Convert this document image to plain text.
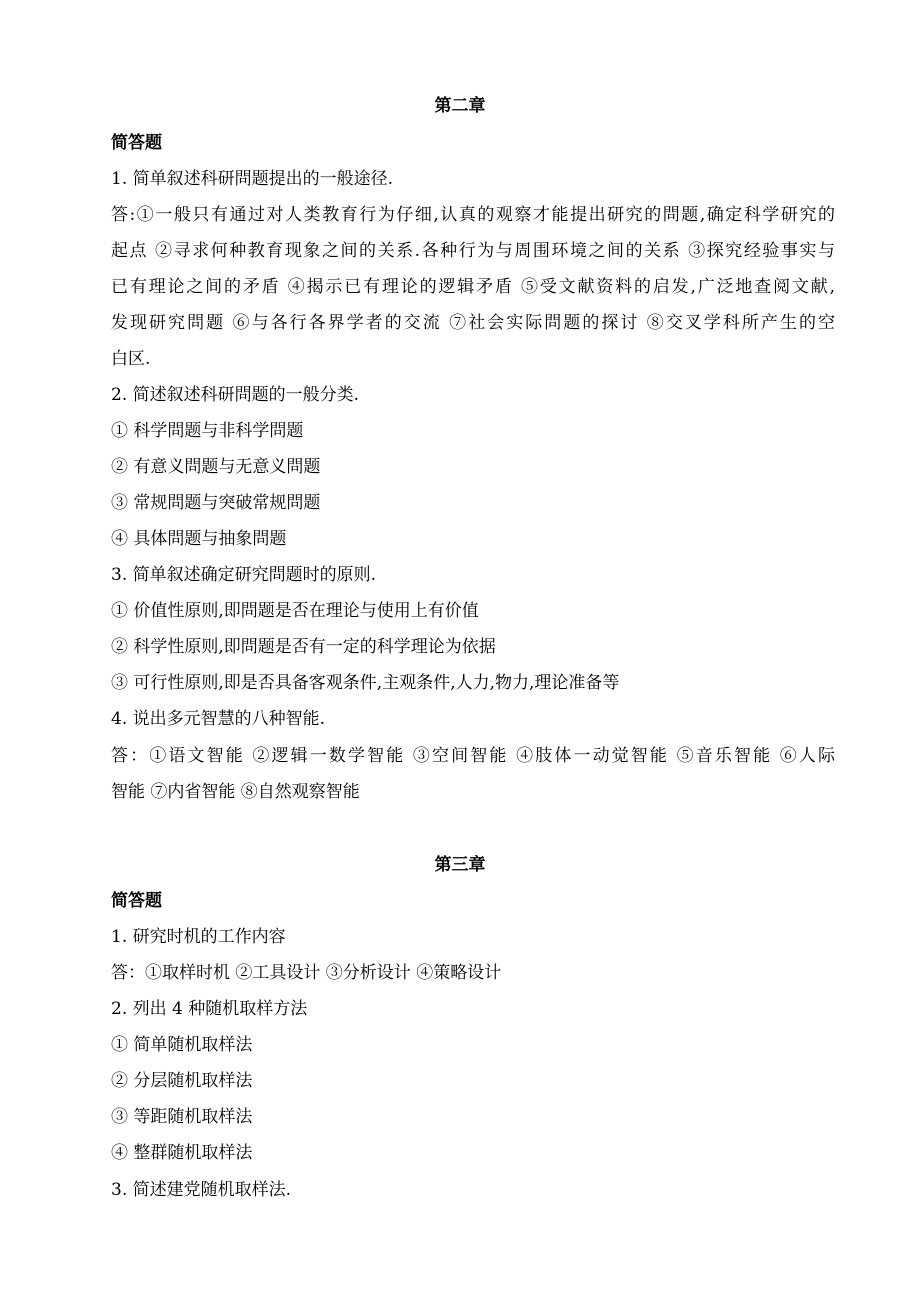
第二章
简答题
1. 简单叙述科研問题提出的一般途径.
答:①一般只有通过对人类教育行为仔细,认真的观察才能提出研究的問题,确定科学研究的
起点 ②寻求何种教育现象之间的关系.各种行为与周围环境之间的关系 ③探究经验事实与
已有理论之间的矛盾 ④揭示已有理论的逻辑矛盾 ⑤受文献资料的启发,广泛地查阅文献,
发现研究問题 ⑥与各行各界学者的交流 ⑦社会实际問题的探讨 ⑧交叉学科所产生的空
白区.
2. 简述叙述科研問题的一般分类.
① 科学問题与非科学問题
② 有意义問题与无意义問题
③ 常规問题与突破常规問题
④ 具体問题与抽象問题
3. 简单叙述确定研究問题时的原则.
① 价值性原则,即問题是否在理论与使用上有价值
② 科学性原则,即問题是否有一定的科学理论为依据
③ 可行性原则,即是否具备客观条件,主观条件,人力,物力,理论准备等
4. 说出多元智慧的八种智能.
答：①语文智能 ②逻辑一数学智能 ③空间智能 ④肢体一动觉智能 ⑤音乐智能 ⑥人际
智能 ⑦内省智能 ⑧自然观察智能
第三章
简答题
1. 研究时机的工作内容
答：①取样时机 ②工具设计 ③分析设计 ④策略设计
2. 列出 4 种随机取样方法
① 简单随机取样法
② 分层随机取样法
③ 等距随机取样法
④ 整群随机取样法
3. 简述建党随机取样法.
